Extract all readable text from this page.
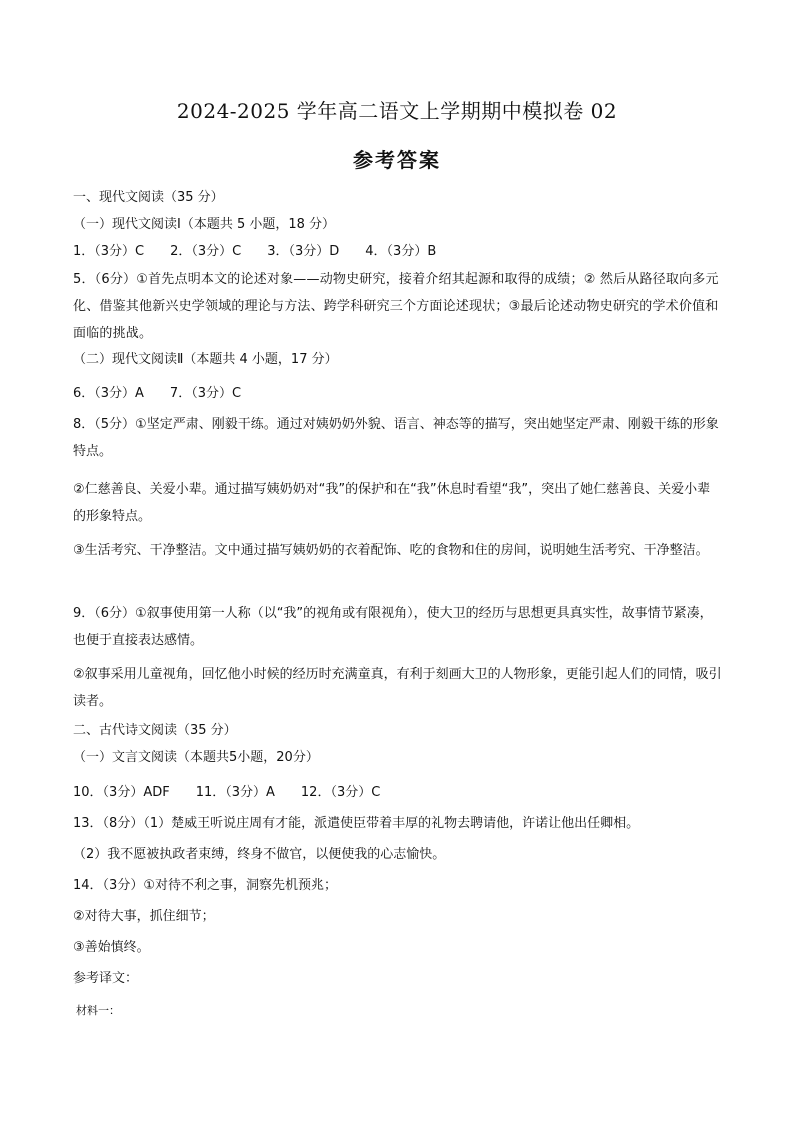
2024-2025 学年高二语文上学期期中模拟卷 02
参考答案
一、现代文阅读（35 分）
（一）现代文阅读Ⅰ（本题共 5 小题，18 分）
1．（3分）C　　2．（3分）C　　3．（3分）D　　4．（3分）B
5．（6分）①首先点明本文的论述对象——动物史研究，接着介绍其起源和取得的成绩；② 然后从路径取向多元化、借鉴其他新兴史学领域的理论与方法、跨学科研究三个方面论述现状；③最后论述动物史研究的学术价值和面临的挑战。
（二）现代文阅读Ⅱ（本题共 4 小题，17 分）
6．（3分）A　　7．（3分）C
8．（5分）①坚定严肃、刚毅干练。通过对姨奶奶外貌、语言、神态等的描写，突出她坚定严肃、刚毅干练的形象特点。
②仁慈善良、关爱小辈。通过描写姨奶奶对“我”的保护和在“我”休息时看望“我”，突出了她仁慈善良、关爱小辈的形象特点。
③生活考究、干净整洁。文中通过描写姨奶奶的衣着配饰、吃的食物和住的房间，说明她生活考究、干净整洁。
9．（6分）①叙事使用第一人称（以“我”的视角或有限视角），使大卫的经历与思想更具真实性，故事情节紧凑，也便于直接表达感情。
②叙事采用儿童视角，回忆他小时候的经历时充满童真，有利于刻画大卫的人物形象，更能引起人们的同情，吸引读者。
二、古代诗文阅读（35 分）
（一）文言文阅读（本题共5小题，20分）
10．（3分）ADF　　11．（3分）A　　12．（3分）C
13．（8分）（1）楚威王听说庄周有才能，派遣使臣带着丰厚的礼物去聘请他，许诺让他出任卿相。
（2）我不愿被执政者束缚，终身不做官，以便使我的心志愉快。
14．（3分）①对待不利之事，洞察先机预兆；
②对待大事，抓住细节；
③善始慎终。
参考译文：
材料一：
